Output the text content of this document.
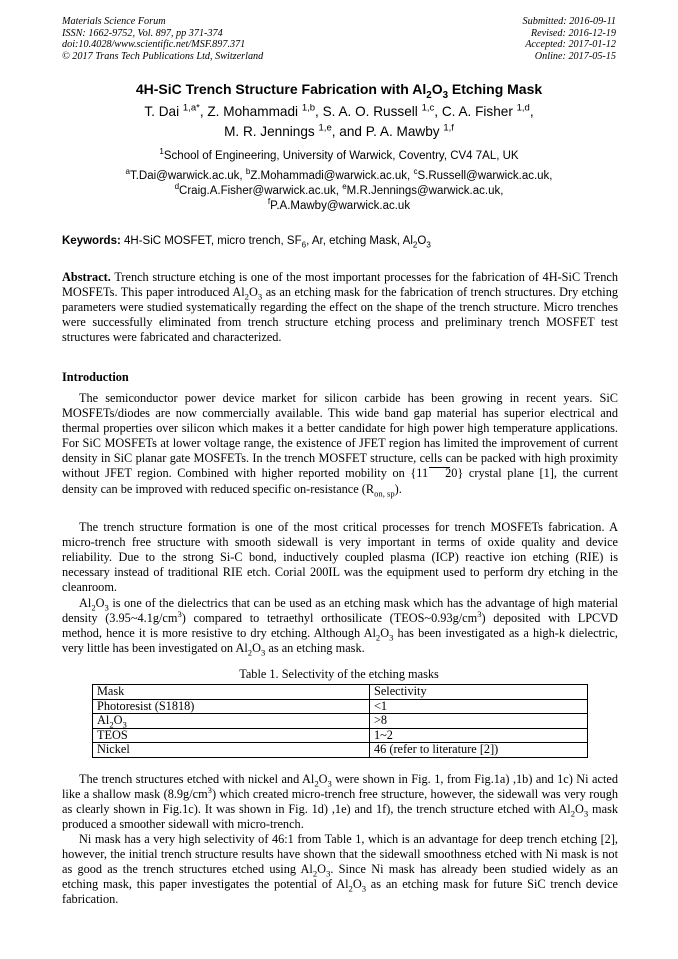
Materials Science Forum
ISSN: 1662-9752, Vol. 897, pp 371-374
doi:10.4028/www.scientific.net/MSF.897.371
© 2017 Trans Tech Publications Ltd, Switzerland
Submitted: 2016-09-11
Revised: 2016-12-19
Accepted: 2017-01-12
Online: 2017-05-15
4H-SiC Trench Structure Fabrication with $Al_2O_3$ Etching Mask
T. Dai $^{1,a*}$, Z. Mohammadi $^{1,b}$, S. A. O. Russell $^{1,c}$, C. A. Fisher $^{1,d}$,
M. R. Jennings $^{1,e}$, and P. A. Mawby $^{1,f}$
$^1$School of Engineering, University of Warwick, Coventry, CV4 7AL, UK
$^a$T.Dai@warwick.ac.uk, $^b$Z.Mohammadi@warwick.ac.uk, $^c$S.Russell@warwick.ac.uk,
$^d$Craig.A.Fisher@warwick.ac.uk, $^e$M.R.Jennings@warwick.ac.uk,
$^f$P.A.Mawby@warwick.ac.uk
Keywords: 4H-SiC MOSFET, micro trench, $SF_6$, Ar, etching Mask, $Al_2O_3$
Abstract. Trench structure etching is one of the most important processes for the fabrication of 4H-SiC Trench MOSFETs. This paper introduced $Al_2O_3$ as an etching mask for the fabrication of trench structures. Dry etching parameters were studied systematically regarding the effect on the shape of the trench structure. Micro trenches were successfully eliminated from trench structure etching process and preliminary trench MOSFET test structures were fabricated and characterized.
Introduction
The semiconductor power device market for silicon carbide has been growing in recent years. SiC MOSFETs/diodes are now commercially available. This wide band gap material has superior electrical and thermal properties over silicon which makes it a better candidate for high power high temperature applications. For SiC MOSFETs at lower voltage range, the existence of JFET region has limited the improvement of current density in SiC planar gate MOSFETs. In the trench MOSFET structure, cells can be packed with high proximity without JFET region. Combined with higher reported mobility on {11 20} crystal plane [1], the current density can be improved with reduced specific on-resistance $(R_{on, sp})$.
The trench structure formation is one of the most critical processes for trench MOSFETs fabrication. A micro-trench free structure with smooth sidewall is very important in terms of oxide quality and device reliability. Due to the strong Si-C bond, inductively coupled plasma (ICP) reactive ion etching (RIE) is necessary instead of traditional RIE etch. Corial 200IL was the equipment used to perform dry etching in the cleanroom.
$Al_2O_3$ is one of the dielectrics that can be used as an etching mask which has the advantage of high material density $(3.95\sim 4.1g/cm^3)$ compared to tetraethyl orthosilicate $(TEOS\sim 0.93g/cm^3)$ deposited with LPCVD method, hence it is more resistive to dry etching. Although $Al_2O_3$ has been investigated as a high-k dielectric, very little has been investigated on $Al_2O_3$ as an etching mask.
Table 1. Selectivity of the etching masks
Mask	Selectivity
Photoresist (S1818)	<1
$Al_2O_3$	>8
TEOS	1~2
Nickel	46 (refer to literature [2])
The trench structures etched with nickel and $Al_2O_3$ were shown in Fig. 1, from Fig.1a) ,1b) and 1c) Ni acted like a shallow mask $(8.9g/cm^3)$ which created micro-trench free structure, however, the sidewall was very rough as clearly shown in Fig.1c). It was shown in Fig. 1d) ,1e) and 1f), the trench structure etched with $Al_2O_3$ mask produced a smoother sidewall with micro-trench.
Ni mask has a very high selectivity of 46:1 from Table 1, which is an advantage for deep trench etching [2], however, the initial trench structure results have shown that the sidewall smoothness etched with Ni mask is not as good as the trench structures etched using $Al_2O_3$. Since Ni mask has already been studied widely as an etching mask, this paper investigates the potential of $Al_2O_3$ as an etching mask for future SiC trench device fabrication.
